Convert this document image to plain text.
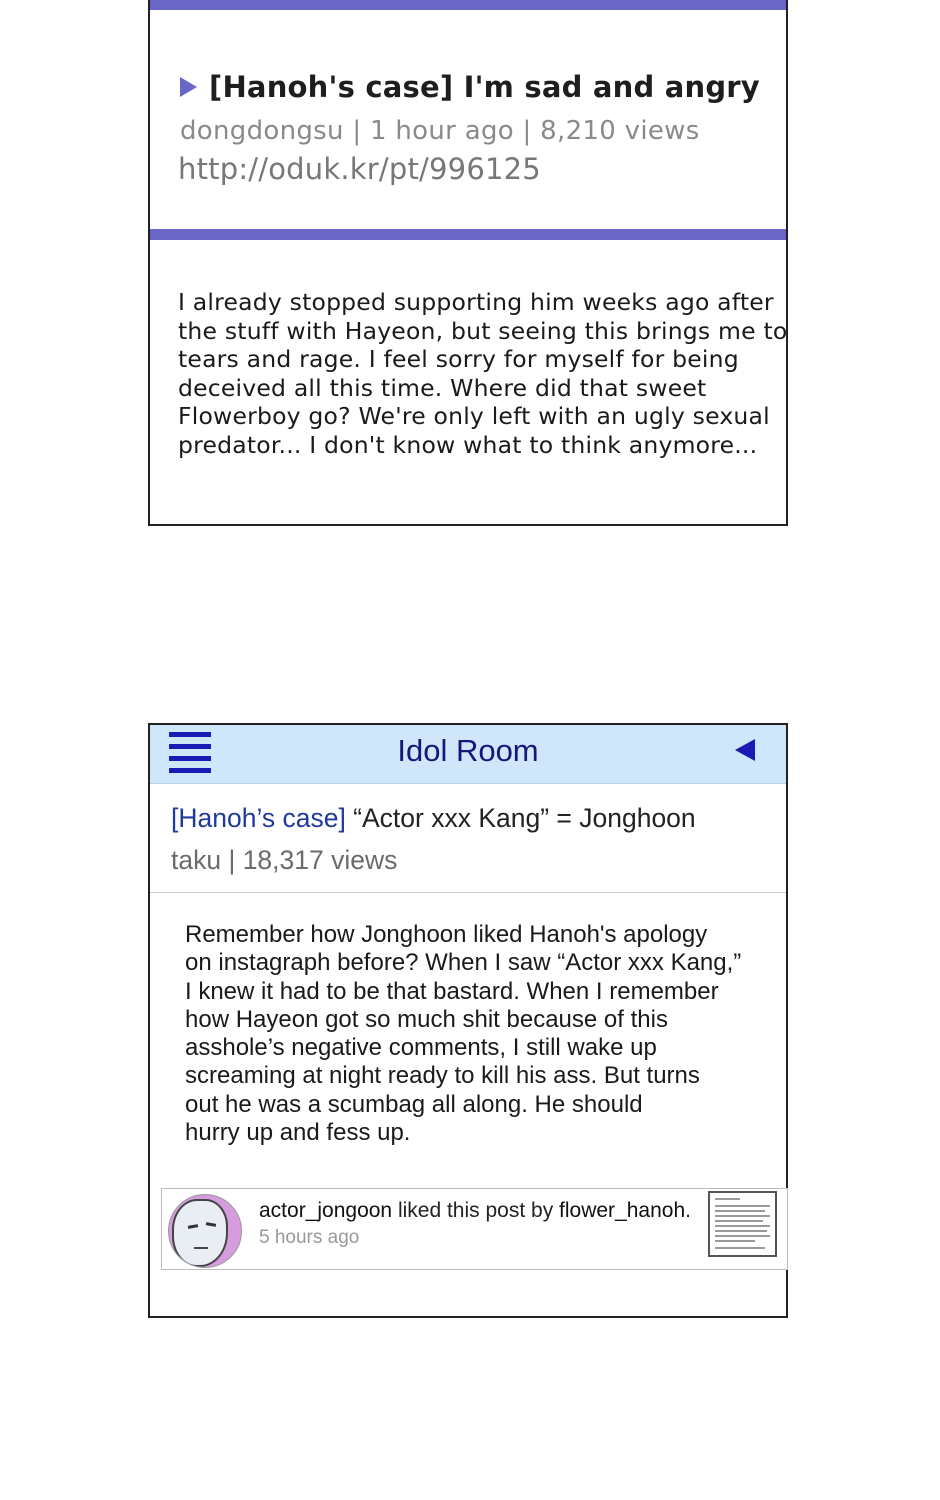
[Hanoh's case] I'm sad and angry
dongdongsu | 1 hour ago | 8,210 views
http://oduk.kr/pt/996125
I already stopped supporting him weeks ago after
the stuff with Hayeon, but seeing this brings me to
tears and rage. I feel sorry for myself for being
deceived all this time. Where did that sweet
Flowerboy go? We're only left with an ugly sexual
predator... I don't know what to think anymore...
Idol Room
[Hanoh’s case] “Actor xxx Kang” = Jonghoon
taku | 18,317 views
Remember how Jonghoon liked Hanoh's apology
on instagraph before? When I saw “Actor xxx Kang,”
I knew it had to be that bastard. When I remember
how Hayeon got so much shit because of this
asshole’s negative comments, I still wake up
screaming at night ready to kill his ass. But turns
out he was a scumbag all along. He should
hurry up and fess up.
actor_jongoon liked this post by flower_hanoh.
5 hours ago
